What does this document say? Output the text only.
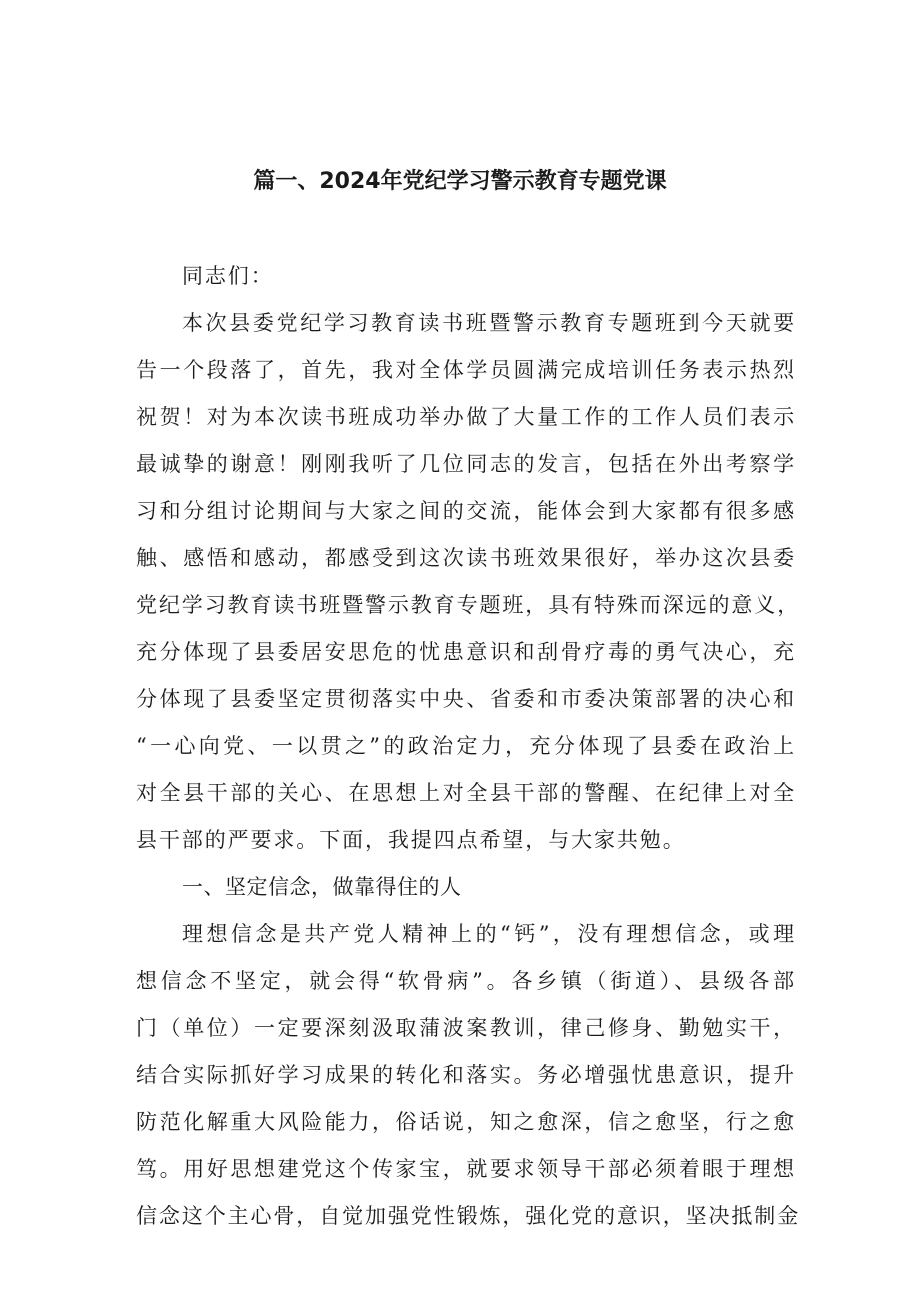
篇一、2024年党纪学习警示教育专题党课
同志们：
本次县委党纪学习教育读书班暨警示教育专题班到今天就要
告一个段落了，首先，我对全体学员圆满完成培训任务表示热烈
祝贺！对为本次读书班成功举办做了大量工作的工作人员们表示
最诚挚的谢意！刚刚我听了几位同志的发言，包括在外出考察学
习和分组讨论期间与大家之间的交流，能体会到大家都有很多感
触、感悟和感动，都感受到这次读书班效果很好，举办这次县委
党纪学习教育读书班暨警示教育专题班，具有特殊而深远的意义，
充分体现了县委居安思危的忧患意识和刮骨疗毒的勇气决心，充
分体现了县委坚定贯彻落实中央、省委和市委决策部署的决心和
“一心向党、一以贯之”的政治定力，充分体现了县委在政治上
对全县干部的关心、在思想上对全县干部的警醒、在纪律上对全
县干部的严要求。下面，我提四点希望，与大家共勉。
一、坚定信念，做靠得住的人
理想信念是共产党人精神上的“钙”，没有理想信念，或理
想信念不坚定，就会得“软骨病”。各乡镇（街道）、县级各部
门（单位）一定要深刻汲取蒲波案教训，律己修身、勤勉实干，
结合实际抓好学习成果的转化和落实。务必增强忧患意识，提升
防范化解重大风险能力，俗话说，知之愈深，信之愈坚，行之愈
笃。用好思想建党这个传家宝，就要求领导干部必须着眼于理想
信念这个主心骨，自觉加强党性锻炼，强化党的意识，坚决抵制金
